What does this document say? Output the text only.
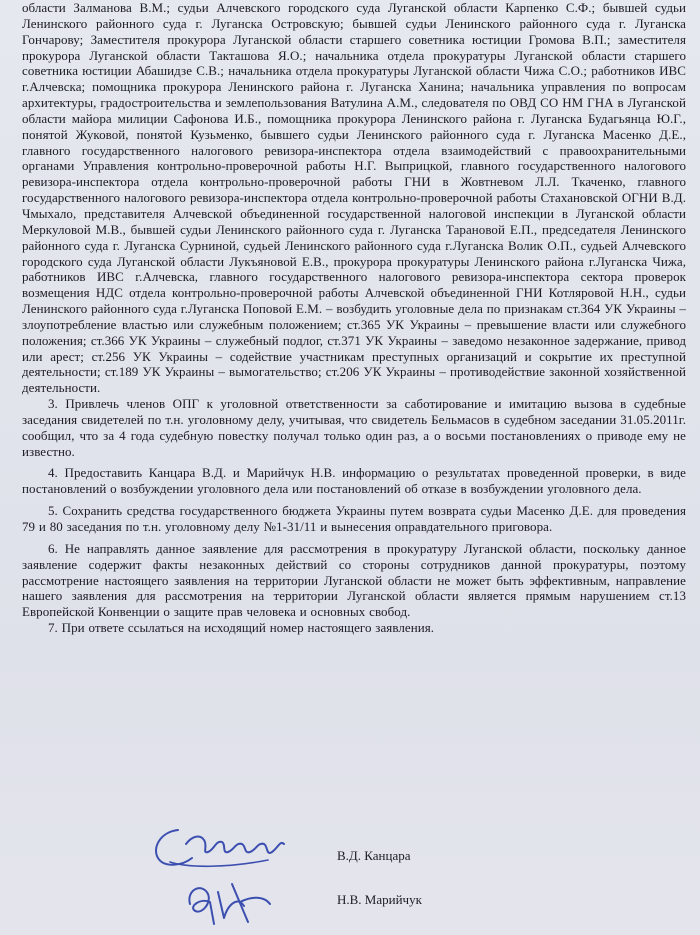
области Залманова В.М.; судьи Алчевского городского суда Луганской области Карпенко С.Ф.; бывшей судьи Ленинского районного суда г. Луганска Островскую; бывшей судьи Ленинского районного суда г. Луганска Гончарову; Заместителя прокурора Луганской области старшего советника юстиции Громова В.П.; заместителя прокурора Луганской области Такташова Я.О.; начальника отдела прокуратуры Луганской области старшего советника юстиции Абашидзе С.В.; начальника отдела прокуратуры Луганской области Чижа С.О.; работников ИВС г.Алчевска; помощника прокурора Ленинского района г. Луганска Ханина; начальника управления по вопросам архитектуры, градостроительства и землепользования Ватулина А.М., следователя по ОВД СО НМ ГНА в Луганской области майора милиции Сафонова И.Б., помощника прокурора Ленинского района г. Луганска Будагьянца Ю.Г., понятой Жуковой, понятой Кузьменко, бывшего судьи Ленинского районного суда г. Луганска Масенко Д.Е., главного государственного налогового ревизора-инспектора отдела взаимодействий с правоохранительными органами Управления контрольно-проверочной работы Н.Г. Выприцкой, главного государственного налогового ревизора-инспектора отдела контрольно-проверочной работы ГНИ в Жовтневом Л.Л. Ткаченко, главного государственного налогового ревизора-инспектора отдела контрольно-проверочной работы Стахановской ОГНИ В.Д. Чмыхало, представителя Алчевской объединенной государственной налоговой инспекции в Луганской области Меркуловой М.В., бывшей судьи Ленинского районного суда г. Луганска Тарановой Е.П., председателя Ленинского районного суда г. Луганска Сурниной, судьей Ленинского районного суда г.Луганска Волик О.П., судьей Алчевского городского суда Луганской области Лукъяновой Е.В., прокурора прокуратуры Ленинского района г.Луганска Чижа, работников ИВС г.Алчевска, главного государственного налогового ревизора-инспектора сектора проверок возмещения НДС отдела контрольно-проверочной работы Алчевской объединенной ГНИ Котляровой Н.Н., судьи Ленинского районного суда г.Луганска Поповой Е.М. – возбудить уголовные дела по признакам ст.364 УК Украины – злоупотребление властью или служебным положением; ст.365 УК Украины – превышение власти или служебного положения; ст.366 УК Украины – служебный подлог, ст.371 УК Украины – заведомо незаконное задержание, привод или арест; ст.256 УК Украины – содействие участникам преступных организаций и сокрытие их преступной деятельности; ст.189 УК Украины – вымогательство; ст.206 УК Украины – противодействие законной хозяйственной деятельности.

3. Привлечь членов ОПГ к уголовной ответственности за саботирование и имитацию вызова в судебные заседания свидетелей по т.н. уголовному делу, учитывая, что свидетель Бельмасов в судебном заседании 31.05.2011г. сообщил, что за 4 года судебную повестку получал только один раз, а о восьми постановлениях о приводе ему не известно.

4. Предоставить Канцара В.Д. и Марийчук Н.В. информацию о результатах проведенной проверки, в виде постановлений о возбуждении уголовного дела или постановлений об отказе в возбуждении уголовного дела.

5. Сохранить средства государственного бюджета Украины путем возврата судьи Масенко Д.Е. для проведения 79 и 80 заседания по т.н. уголовному делу №1-31/11 и вынесения оправдательного приговора.

6. Не направлять данное заявление для рассмотрения в прокуратуру Луганской области, поскольку данное заявление содержит факты незаконных действий со стороны сотрудников данной прокуратуры, поэтому рассмотрение настоящего заявления на территории Луганской области не может быть эффективным, направление нашего заявления для рассмотрения на территории Луганской области является прямым нарушением ст.13 Европейской Конвенции о защите прав человека и основных свобод.

7. При ответе ссылаться на исходящий номер настоящего заявления.

В.Д. Канцара
Н.В. Марийчук
